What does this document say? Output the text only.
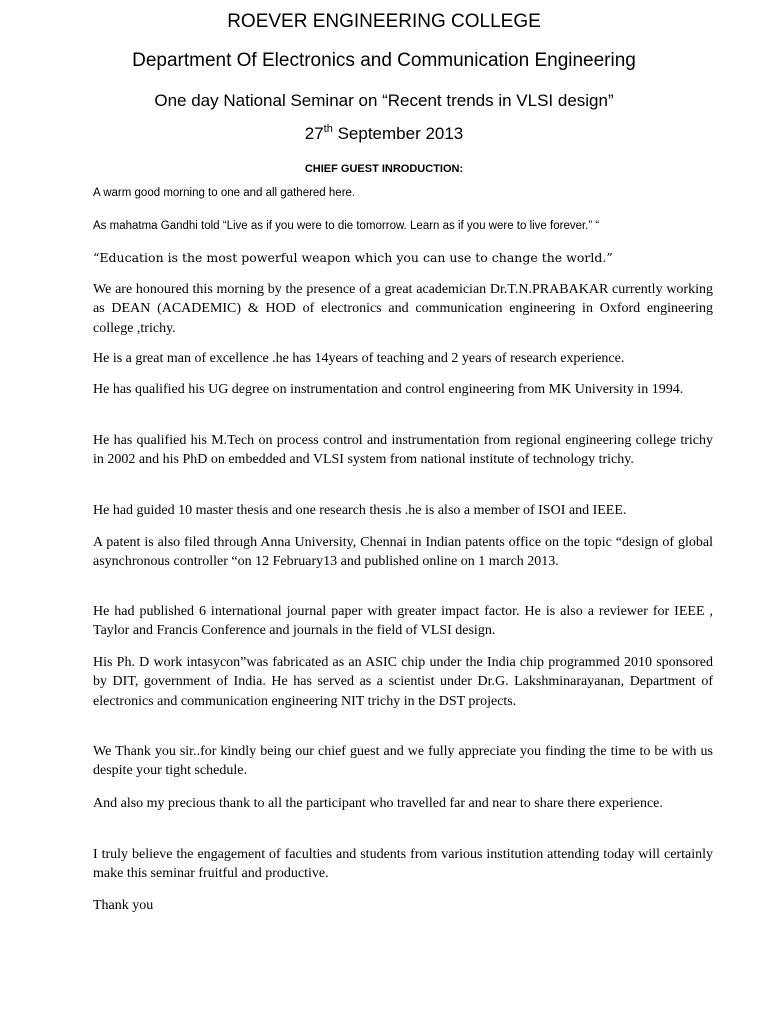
ROEVER ENGINEERING COLLEGE

Department Of Electronics and Communication Engineering

One day National Seminar on “Recent trends in VLSI design”

27th September 2013

CHIEF GUEST INRODUCTION:

A warm good morning to one and all gathered here.

As mahatma Gandhi told “Live as if you were to die tomorrow. Learn as if you were to live forever.” “

“Education is the most powerful weapon which you can use to change the world.”

We are honoured this morning by the presence of a great academician Dr.T.N.PRABAKAR currently working as DEAN (ACADEMIC) & HOD of electronics and communication engineering in Oxford engineering college ,trichy.

He is a great man of excellence .he has 14years of teaching and 2 years of research experience.

He has qualified his UG degree on instrumentation and control engineering from MK University in 1994.

He has qualified his M.Tech on process control and instrumentation from regional engineering college trichy in 2002 and his PhD on embedded and VLSI system from national institute of technology trichy.

He had guided 10 master thesis and one research thesis .he is also a member of ISOI and IEEE.

A patent is also filed through Anna University, Chennai in Indian patents office on the topic “design of global asynchronous controller “on 12 February13 and published online on 1 march 2013.

He had published 6 international journal paper with greater impact factor. He is also a reviewer for IEEE , Taylor and Francis Conference and journals in the field of VLSI design.

His Ph. D work intasycon”was fabricated as an ASIC chip under the India chip programmed 2010 sponsored by DIT, government of India. He has served as a scientist under Dr.G. Lakshminarayanan, Department of electronics and communication engineering NIT trichy in the DST projects.

We Thank you sir..for kindly being our chief guest and we fully appreciate you finding the time to be with us despite your tight schedule.

And also my precious thank to all the participant who travelled far and near to share there experience.

I truly believe the engagement of faculties and students from various institution attending today will certainly make this seminar fruitful and productive.

Thank you
